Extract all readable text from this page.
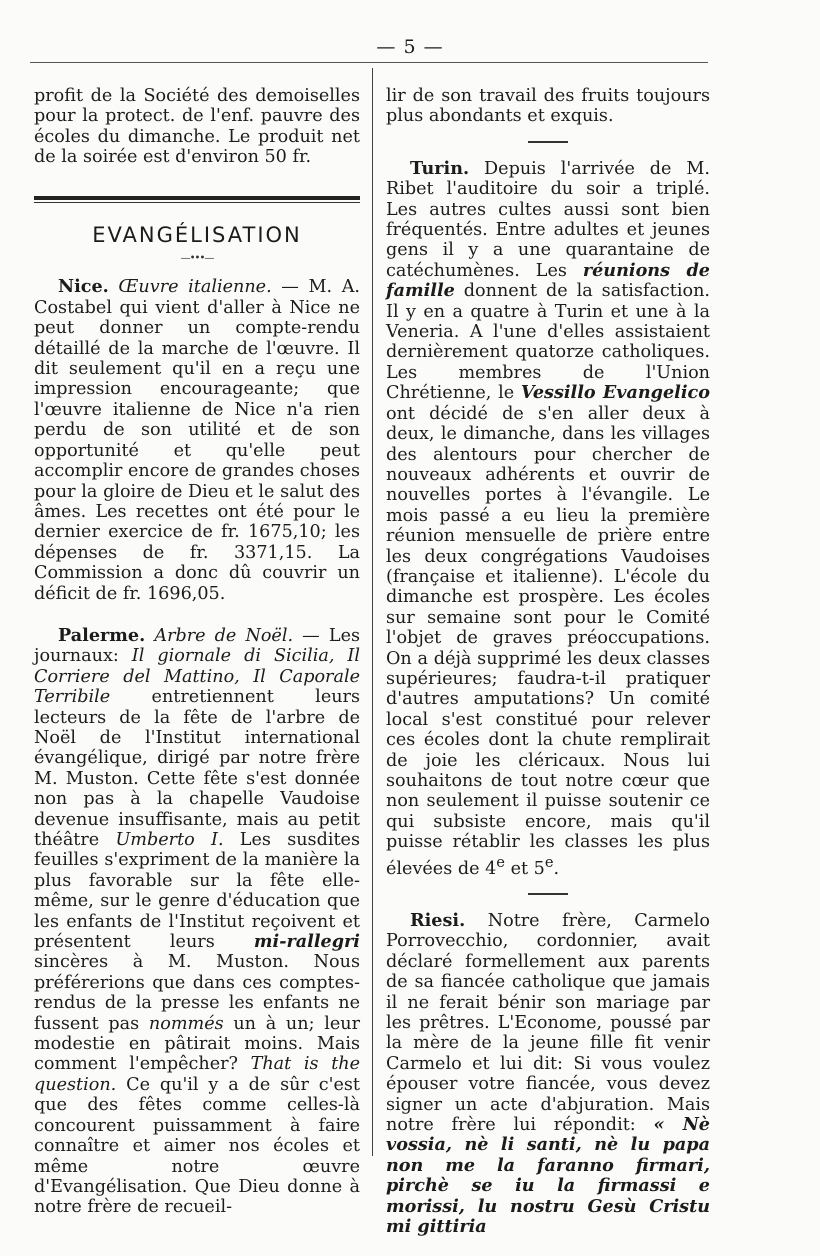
— 5 —

profit de la Société des demoiselles pour la protect. de l'enf. pauvre des écoles du dimanche. Le produit net de la soirée est d'environ 50 fr.

EVANGÉLISATION
—•••—

Nice. Œuvre italienne. — M. A. Costabel qui vient d'aller à Nice ne peut donner un compte-rendu détaillé de la marche de l'œuvre. Il dit seulement qu'il en a reçu une impression encourageante; que l'œuvre italienne de Nice n'a rien perdu de son utilité et de son opportunité et qu'elle peut accomplir encore de grandes choses pour la gloire de Dieu et le salut des âmes. Les recettes ont été pour le dernier exercice de fr. 1675,10; les dépenses de fr. 3371,15. La Commission a donc dû couvrir un déficit de fr. 1696,05.

Palerme. Arbre de Noël. — Les journaux: Il giornale di Sicilia, Il Corriere del Mattino, Il Caporale Terribile entretiennent leurs lecteurs de la fête de l'arbre de Noël de l'Institut international évangélique, dirigé par notre frère M. Muston. Cette fête s'est donnée non pas à la chapelle Vaudoise devenue insuffisante, mais au petit théâtre Umberto I. Les susdites feuilles s'expriment de la manière la plus favorable sur la fête elle-même, sur le genre d'éducation que les enfants de l'Institut reçoivent et présentent leurs mi-rallegri sincères à M. Muston. Nous préférerions que dans ces comptes-rendus de la presse les enfants ne fussent pas nommés un à un; leur modestie en pâtirait moins. Mais comment l'empêcher? That is the question. Ce qu'il y a de sûr c'est que des fêtes comme celles-là concourent puissamment à faire connaître et aimer nos écoles et même notre œuvre d'Evangélisation. Que Dieu donne à notre frère de recueil-

lir de son travail des fruits toujours plus abondants et exquis.

Turin. Depuis l'arrivée de M. Ribet l'auditoire du soir a triplé. Les autres cultes aussi sont bien fréquentés. Entre adultes et jeunes gens il y a une quarantaine de catéchumènes. Les réunions de famille donnent de la satisfaction. Il y en a quatre à Turin et une à la Veneria. A l'une d'elles assistaient dernièrement quatorze catholiques. Les membres de l'Union Chrétienne, le Vessillo Evangelico ont décidé de s'en aller deux à deux, le dimanche, dans les villages des alentours pour chercher de nouveaux adhérents et ouvrir de nouvelles portes à l'évangile. Le mois passé a eu lieu la première réunion mensuelle de prière entre les deux congrégations Vaudoises (française et italienne). L'école du dimanche est prospère. Les écoles sur semaine sont pour le Comité l'objet de graves préoccupations. On a déjà supprimé les deux classes supérieures; faudra-t-il pratiquer d'autres amputations? Un comité local s'est constitué pour relever ces écoles dont la chute remplirait de joie les cléricaux. Nous lui souhaitons de tout notre cœur que non seulement il puisse soutenir ce qui subsiste encore, mais qu'il puisse rétablir les classes les plus élevées de 4e et 5e.

Riesi. Notre frère, Carmelo Porrovecchio, cordonnier, avait déclaré formellement aux parents de sa fiancée catholique que jamais il ne ferait bénir son mariage par les prêtres. L'Econome, poussé par la mère de la jeune fille fit venir Carmelo et lui dit: Si vous voulez épouser votre fiancée, vous devez signer un acte d'abjuration. Mais notre frère lui répondit: « Nè vossia, nè li santi, nè lu papa non me la faranno firmari, pirchè se iu la firmassi e morissi, lu nostru Gesù Cristu mi gittiria
